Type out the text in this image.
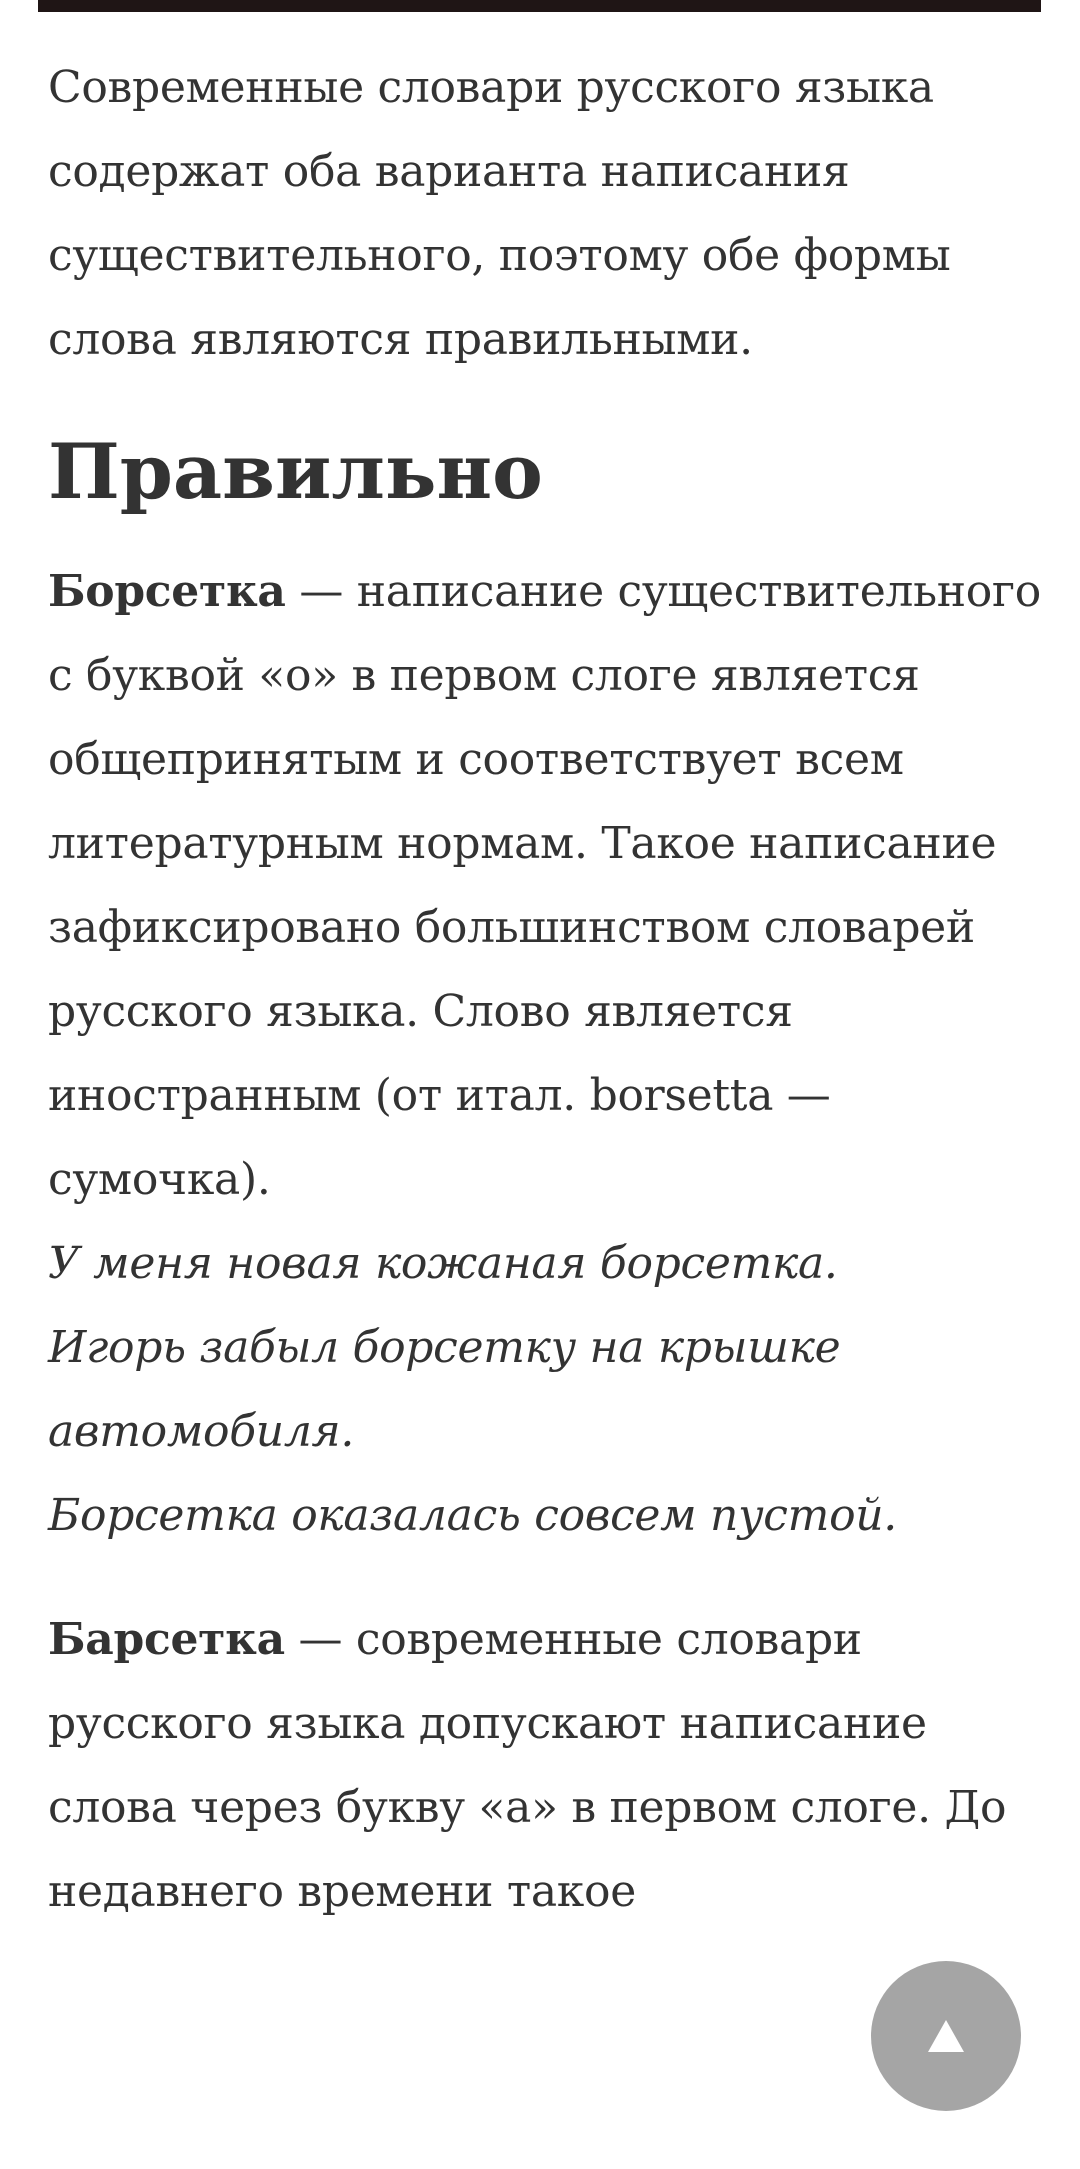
Современные словари русского языка содержат оба варианта написания существительного, поэтому обе формы слова являются правильными.

Правильно

Борсетка — написание существительного с буквой «о» в первом слоге является общепринятым и соответствует всем литературным нормам. Такое написание зафиксировано большинством словарей русского языка. Слово является иностранным (от итал. borsetta — сумочка).

У меня новая кожаная борсетка.
Игорь забыл борсетку на крышке автомобиля.
Борсетка оказалась совсем пустой.

Барсетка — современные словари русского языка допускают написание слова через букву «а» в первом слоге. До недавнего времени такое
